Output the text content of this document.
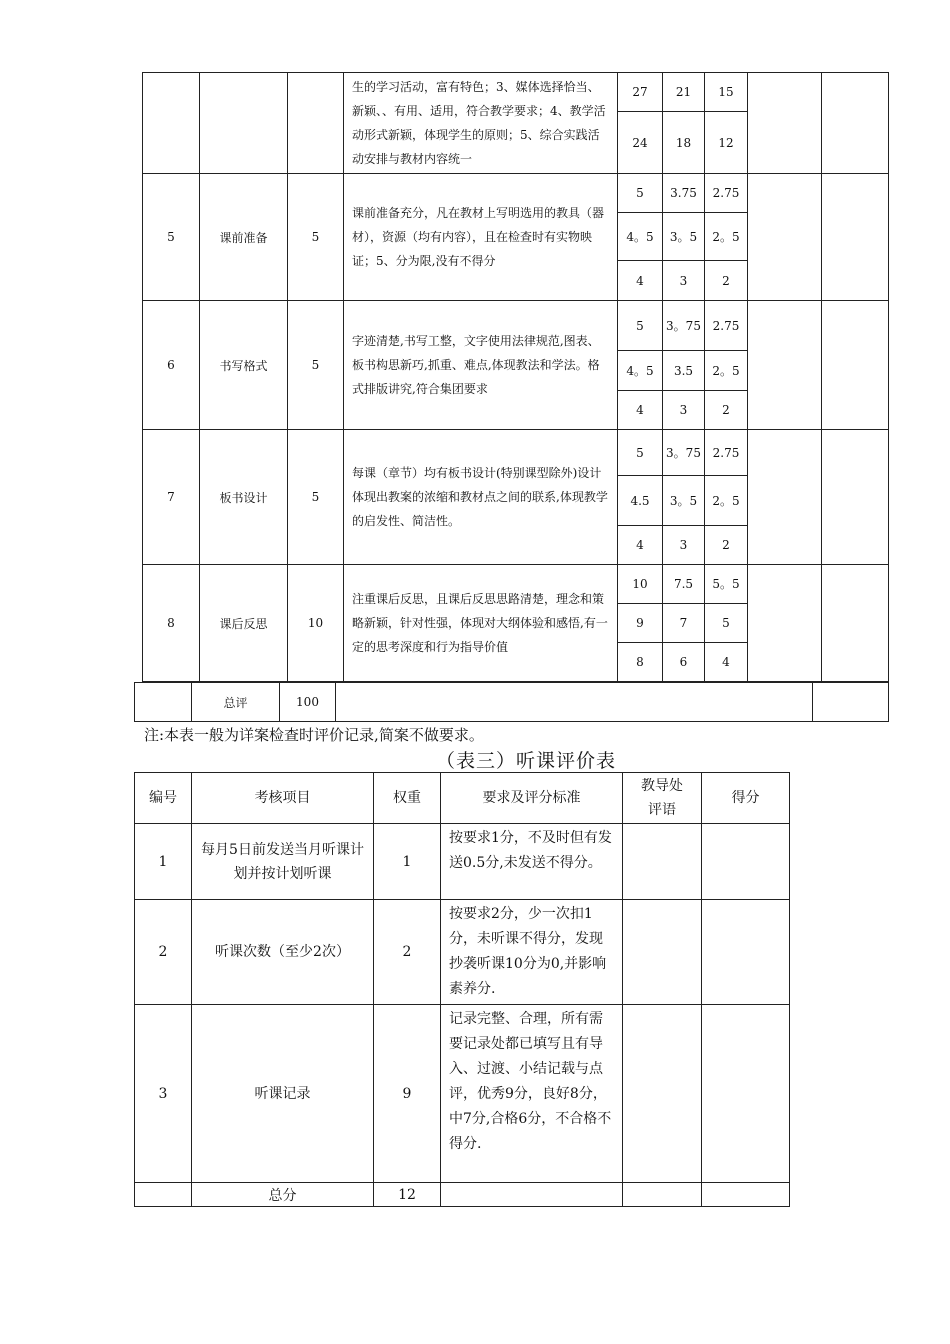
			生的学习活动，富有特色；3、媒体选择恰当、新颖、、有用、适用，符合教学要求；4、教学活动形式新颖，体现学生的原则；5、综合实践活动安排与教材内容统一	27	21	15		
				24	18	12		
5	课前准备	5	课前准备充分，凡在教材上写明选用的教具（器材），资源（均有内容），且在检查时有实物映证；5、分为限,没有不得分	5	3.75	2.75		
				4。5	3。5	2。5		
				4	3	2		
6	书写格式	5	字迹清楚,书写工整，文字使用法律规范,图表、板书构思新巧,抓重、难点,体现教法和学法。格式排版讲究,符合集团要求	5	3。75	2.75		
				4。5	3.5	2。5		
				4	3	2		
7	板书设计	5	每课（章节）均有板书设计(特别课型除外)设计体现出教案的浓缩和教材点之间的联系,体现教学的启发性、简洁性。	5	3。75	2.75		
				4.5	3。5	2。5		
				4	3	2		
8	课后反思	10	注重课后反思，且课后反思思路清楚，理念和策略新颖，针对性强，体现对大纲体验和感悟,有一定的思考深度和行为指导价值	10	7.5	5。5		
				9	7	5		
				8	6	4		
	总评	100		
注:本表一般为详案检查时评价记录,简案不做要求。
（表三）听课评价表
编号	考核项目	权重	要求及评分标准	教导处评语	得分
1	每月5日前发送当月听课计划并按计划听课	1	按要求1分，不及时但有发送0.5分,未发送不得分。		
2	听课次数（至少2次）	2	按要求2分，少一次扣1分，未听课不得分，发现抄袭听课10分为0,并影响素养分.		
3	听课记录	9	记录完整、合理，所有需要记录处都已填写且有导入、过渡、小结记载与点评，优秀9分，良好8分，中7分,合格6分，不合格不得分.		
	总分	12			
